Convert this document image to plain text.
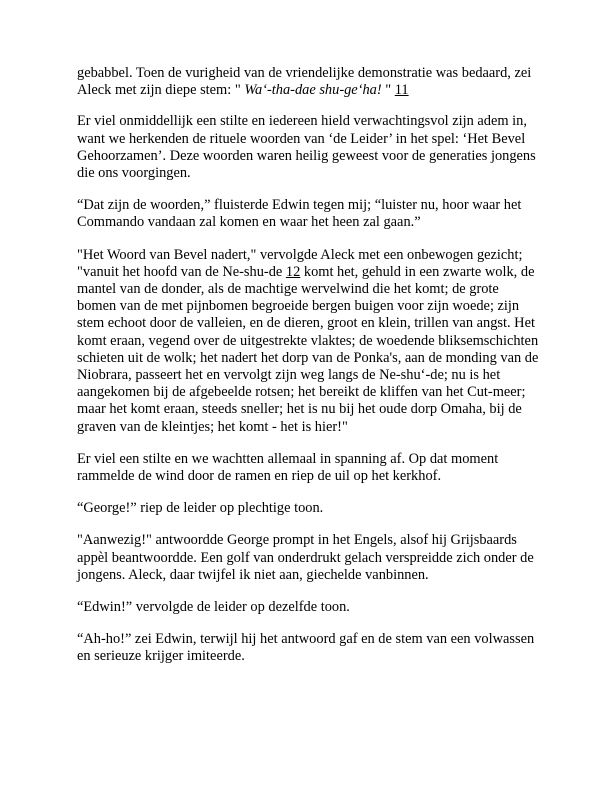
gebabbel. Toen de vurigheid van de vriendelijke demonstratie was bedaard, zei Aleck met zijn diepe stem: " Wa‘-tha-dae shu-ge‘ha! " 11

Er viel onmiddellijk een stilte en iedereen hield verwachtingsvol zijn adem in, want we herkenden de rituele woorden van ‘de Leider’ in het spel: ‘Het Bevel Gehoorzamen’. Deze woorden waren heilig geweest voor de generaties jongens die ons voorgingen.

“Dat zijn de woorden,” fluisterde Edwin tegen mij; “luister nu, hoor waar het Commando vandaan zal komen en waar het heen zal gaan.”

"Het Woord van Bevel nadert," vervolgde Aleck met een onbewogen gezicht; "vanuit het hoofd van de Ne-shu-de 12 komt het, gehuld in een zwarte wolk, de mantel van de donder, als de machtige wervelwind die het komt; de grote bomen van de met pijnbomen begroeide bergen buigen voor zijn woede; zijn stem echoot door de valleien, en de dieren, groot en klein, trillen van angst. Het komt eraan, vegend over de uitgestrekte vlaktes; de woedende bliksemschichten schieten uit de wolk; het nadert het dorp van de Ponka's, aan de monding van de Niobrara, passeert het en vervolgt zijn weg langs de Ne-shu‘-de; nu is het aangekomen bij de afgebeelde rotsen; het bereikt de kliffen van het Cut-meer; maar het komt eraan, steeds sneller; het is nu bij het oude dorp Omaha, bij de graven van de kleintjes; het komt - het is hier!"

Er viel een stilte en we wachtten allemaal in spanning af. Op dat moment rammelde de wind door de ramen en riep de uil op het kerkhof.

“George!” riep de leider op plechtige toon.

"Aanwezig!" antwoordde George prompt in het Engels, alsof hij Grijsbaards appèl beantwoordde. Een golf van onderdrukt gelach verspreidde zich onder de jongens. Aleck, daar twijfel ik niet aan, giechelde vanbinnen.

“Edwin!” vervolgde de leider op dezelfde toon.

“Ah-ho!” zei Edwin, terwijl hij het antwoord gaf en de stem van een volwassen en serieuze krijger imiteerde.
